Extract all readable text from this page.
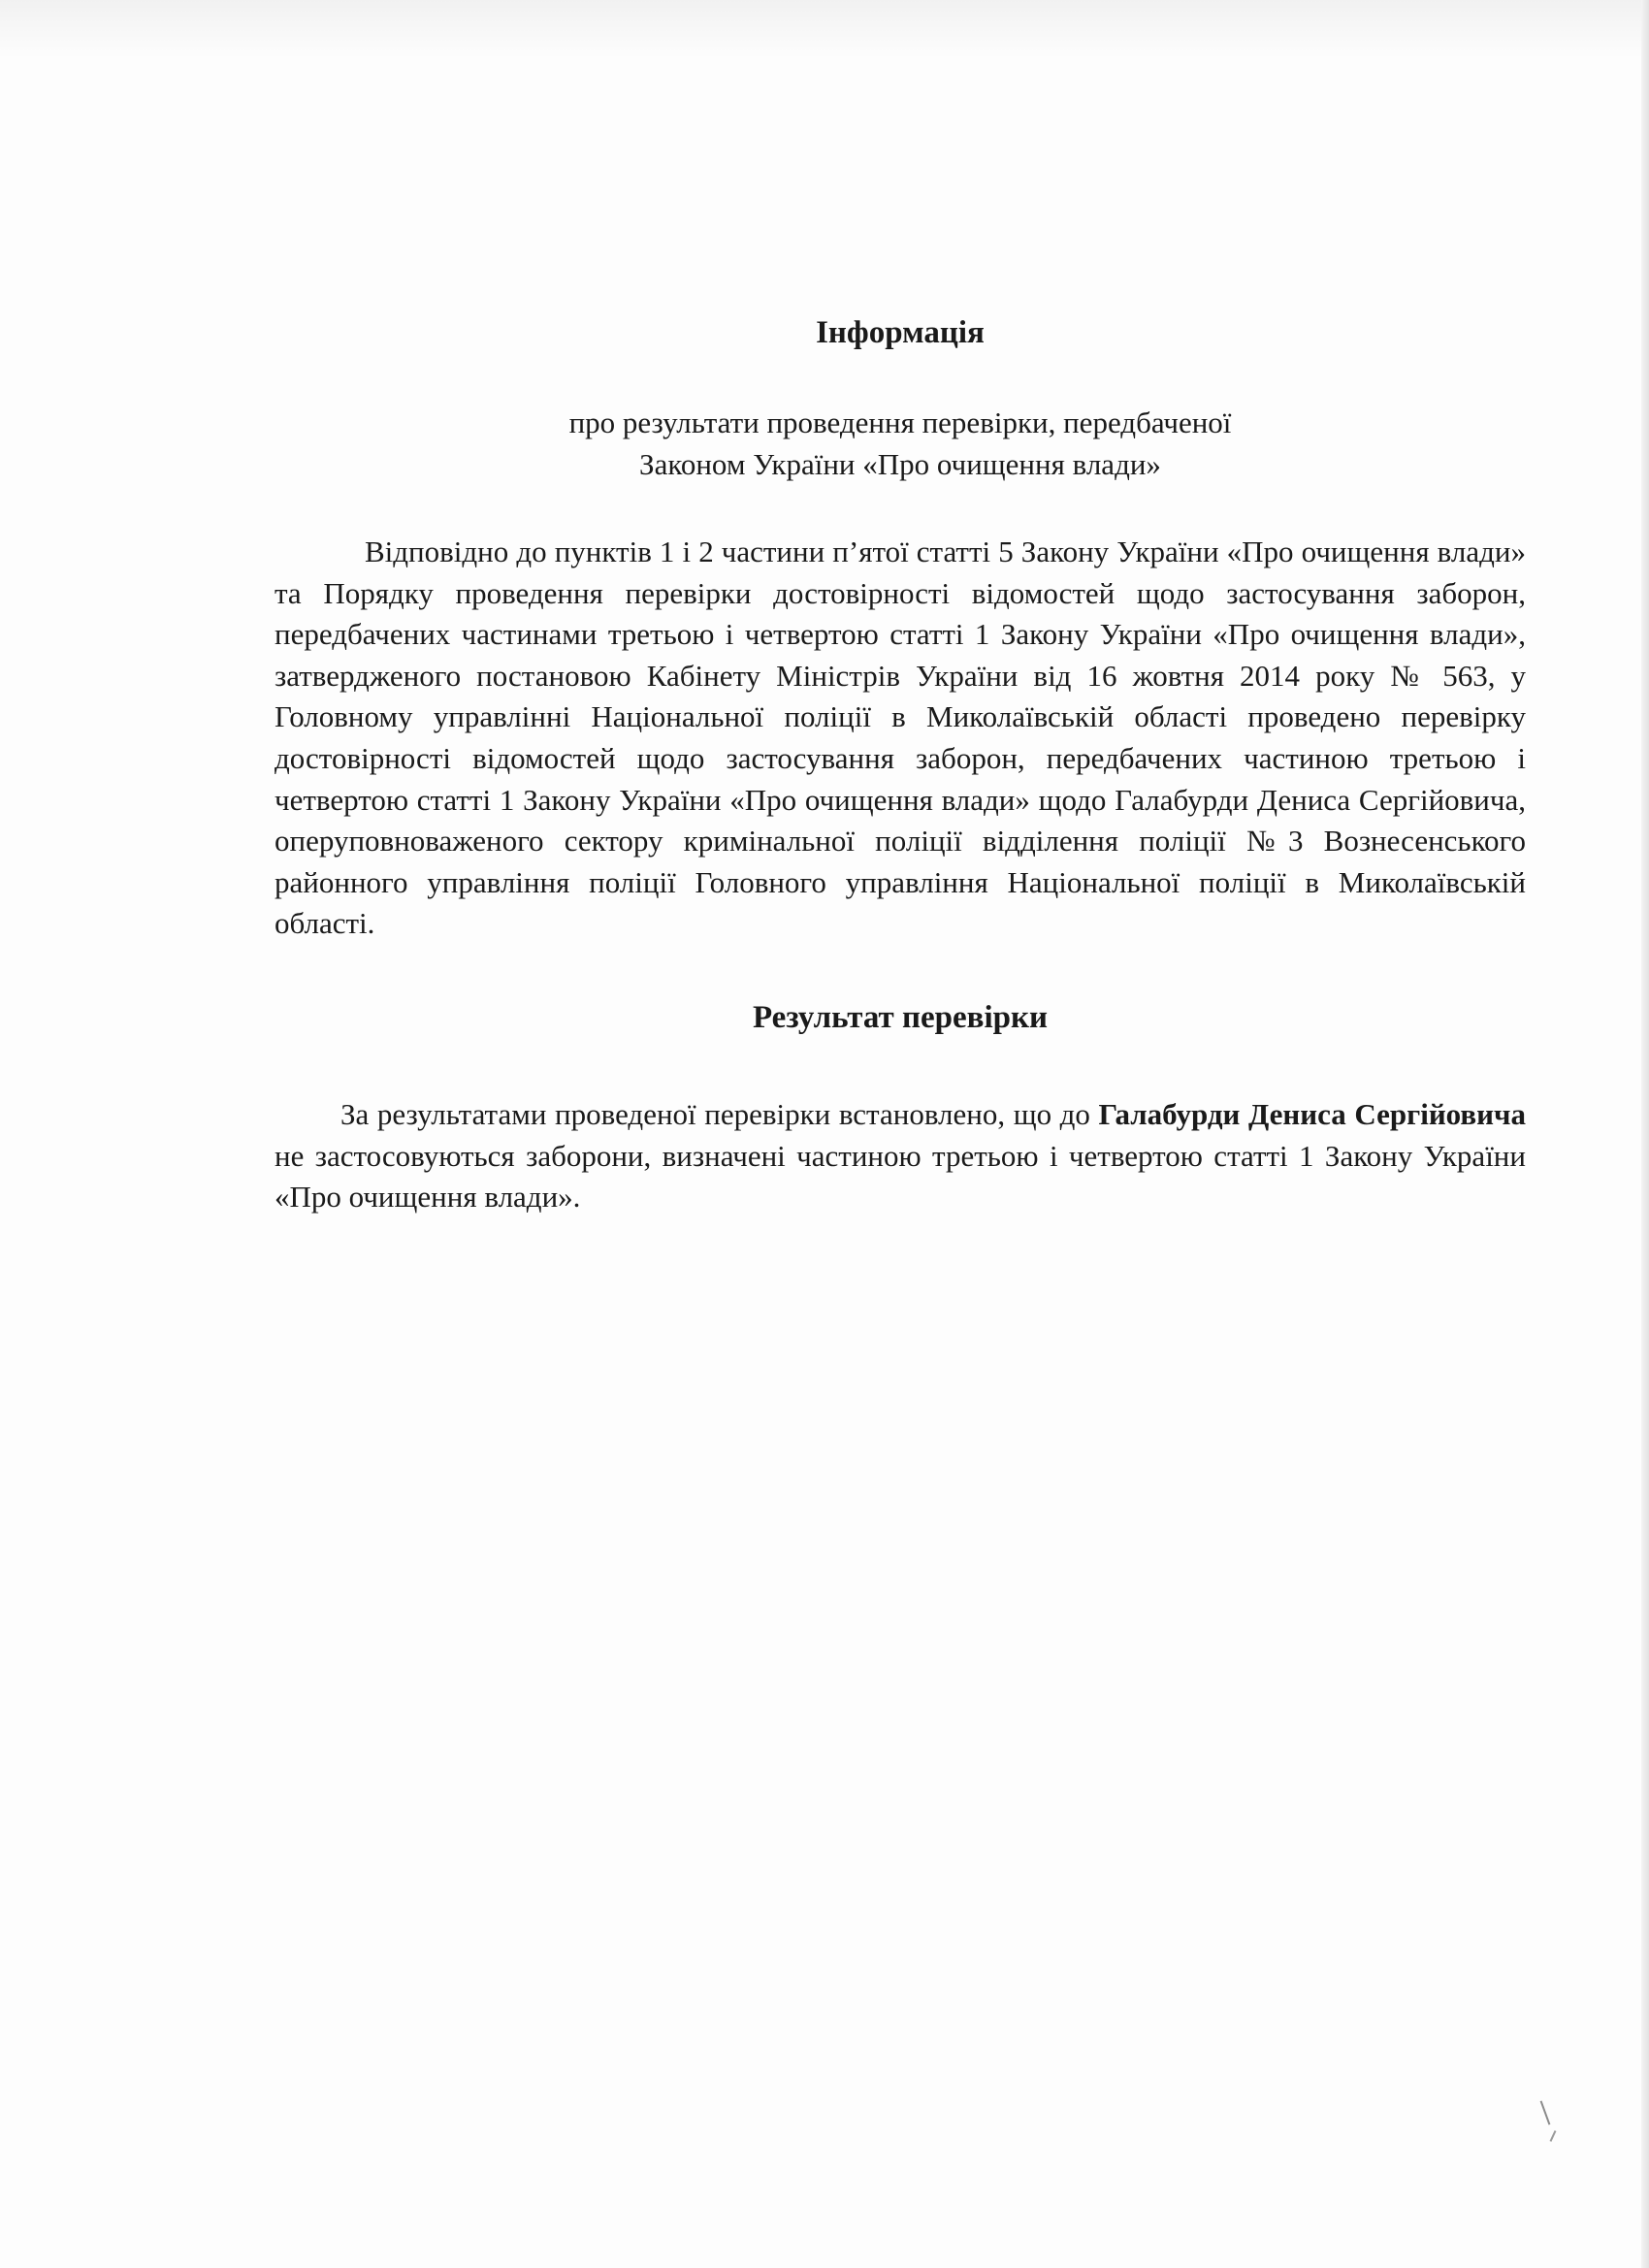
Інформація
про результати проведення перевірки, передбаченої
Законом України «Про очищення влади»

Відповідно до пунктів 1 і 2 частини п’ятої статті 5 Закону України «Про очищення влади» та Порядку проведення перевірки достовірності відомостей щодо застосування заборон, передбачених частинами третьою і четвертою статті 1 Закону України «Про очищення влади», затвердженого постановою Кабінету Міністрів України від 16 жовтня 2014 року № 563, у Головному управлінні Національної поліції в Миколаївській області проведено перевірку достовірності відомостей щодо застосування заборон, передбачених частиною третьою і четвертою статті 1 Закону України «Про очищення влади» щодо Галабурди Дениса Сергійовича, оперуповноваженого сектору кримінальної поліції відділення поліції №3 Вознесенського районного управління поліції Головного управління Національної поліції в Миколаївській області.

Результат перевірки

За результатами проведеної перевірки встановлено, що до Галабурди Дениса Сергійовича не застосовуються заборони, визначені частиною третьою і четвертою статті 1 Закону України «Про очищення влади».
